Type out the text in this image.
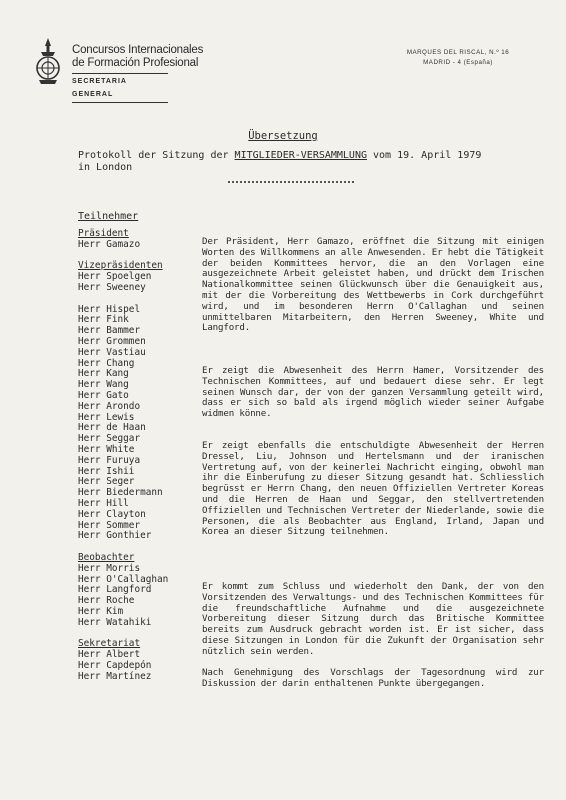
Concursos Internacionales
de Formación Profesional
SECRETARIA GENERAL
MARQUES DEL RISCAL, N.º 16
MADRID - 4 (España)
Übersetzung
Protokoll der Sitzung der MITGLIEDER-VERSAMMLUNG vom 19. April 1979
in London
Teilnehmer
Präsident
Herr Gamazo
Vizepräsidenten
Herr Spoelgen
Herr Sweeney
Herr Hispel
Herr Fink
Herr Bammer
Herr Grommen
Herr Vastiau
Herr Chang
Herr Kang
Herr Wang
Herr Gato
Herr Arondo
Herr Lewis
Herr de Haan
Herr Seggar
Herr White
Herr Furuya
Herr Ishii
Herr Seger
Herr Biedermann
Herr Hill
Herr Clayton
Herr Sommer
Herr Gonthier
Beobachter
Herr Morris
Herr O'Callaghan
Herr Langford
Herr Roche
Herr Kim
Herr Watahiki
Sekretariat
Herr Albert
Herr Capdepón
Herr Martínez
Der Präsident, Herr Gamazo, eröffnet die Sitzung mit einigen Worten des Willkommens an alle Anwesenden. Er hebt die Tätigkeit der beiden Kommittees hervor, die an den Vorlagen eine ausgezeichnete Arbeit geleistet haben, und drückt dem Irischen Nationalkommittee seinen Glückwunsch über die Genauigkeit aus, mit der die Vorbereitung des Wettbewerbs in Cork durchgeführt wird, und im besonderen Herrn O'Callaghan und seinen unmittelbaren Mitarbeitern, den Herren Sweeney, White und Langford.
Er zeigt die Abwesenheit des Herrn Hamer, Vorsitzender des Technischen Kommittees, auf und bedauert diese sehr. Er legt seinen Wunsch dar, der von der ganzen Versammlung geteilt wird, dass er sich so bald als irgend möglich wieder seiner Aufgabe widmen könne.
Er zeigt ebenfalls die entschuldigte Abwesenheit der Herren Dressel, Liu, Johnson und Hertelsmann und der iranischen Vertretung auf, von der keinerlei Nachricht einging, obwohl man ihr die Einberufung zu dieser Sitzung gesandt hat. Schliesslich begrüsst er Herrn Chang, den neuen Offiziellen Vertreter Koreas und die Herren de Haan und Seggar, den stellvertretenden Offiziellen und Technischen Vertreter der Niederlande, sowie die Personen, die als Beobachter aus England, Irland, Japan und Korea an dieser Sitzung teilnehmen.
Er kommt zum Schluss und wiederholt den Dank, der von den Vorsitzenden des Verwaltungs- und des Technischen Kommittees für die freundschaftliche Aufnahme und die ausgezeichnete Vorbereitung dieser Sitzung durch das Britische Kommittee bereits zum Ausdruck gebracht worden ist. Er ist sicher, dass diese Sitzungen in London für die Zukunft der Organisation sehr nützlich sein werden.
Nach Genehmigung des Vorschlags der Tagesordnung wird zur Diskussion der darin enthaltenen Punkte übergegangen.
